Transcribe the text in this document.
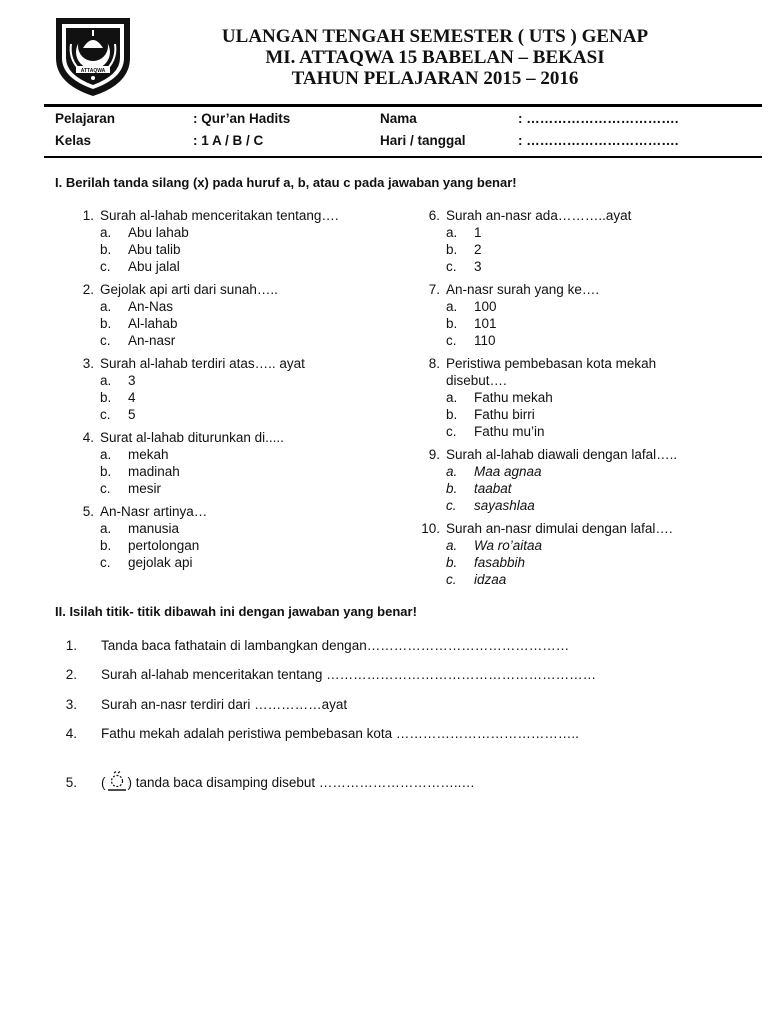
ATTAQWA
ULANGAN TENGAH SEMESTER ( UTS ) GENAP
MI. ATTAQWA 15 BABELAN – BEKASI
TAHUN PELAJARAN 2015 – 2016
Pelajaran	: Qur’an Hadits	Nama	: …………………………….
Kelas	: 1 A / B / C	Hari / tanggal	: …………………………….
I. Berilah tanda silang (x) pada huruf a, b, atau c pada jawaban yang benar!
1. Surah al-lahab menceritakan tentang….
a. Abu lahab
b. Abu talib
c. Abu jalal
2. Gejolak api arti dari sunah…..
a. An-Nas
b. Al-lahab
c. An-nasr
3. Surah al-lahab terdiri atas….. ayat
a. 3
b. 4
c. 5
4. Surat al-lahab diturunkan di.....
a. mekah
b. madinah
c. mesir
5. An-Nasr artinya…
a. manusia
b. pertolongan
c. gejolak api
6. Surah an-nasr ada………..ayat
a. 1
b. 2
c. 3
7. An-nasr surah yang ke….
a. 100
b. 101
c. 110
8. Peristiwa pembebasan kota mekah disebut….
a. Fathu mekah
b. Fathu birri
c. Fathu mu’in
9. Surah al-lahab diawali dengan lafal…..
a. Maa agnaa
b. taabat
c. sayashlaa
10. Surah an-nasr dimulai dengan lafal….
a. Wa ro’aitaa
b. fasabbih
c. idzaa
II. Isilah titik- titik dibawah ini dengan jawaban yang benar!
1. Tanda baca fathatain di lambangkan dengan………………………………………
2. Surah al-lahab menceritakan tentang ……………………………………………………
3. Surah an-nasr terdiri dari ……………ayat
4. Fathu mekah adalah peristiwa pembebasan kota …………………………………..
5. ( ) tanda baca disamping disebut …………………………..…
